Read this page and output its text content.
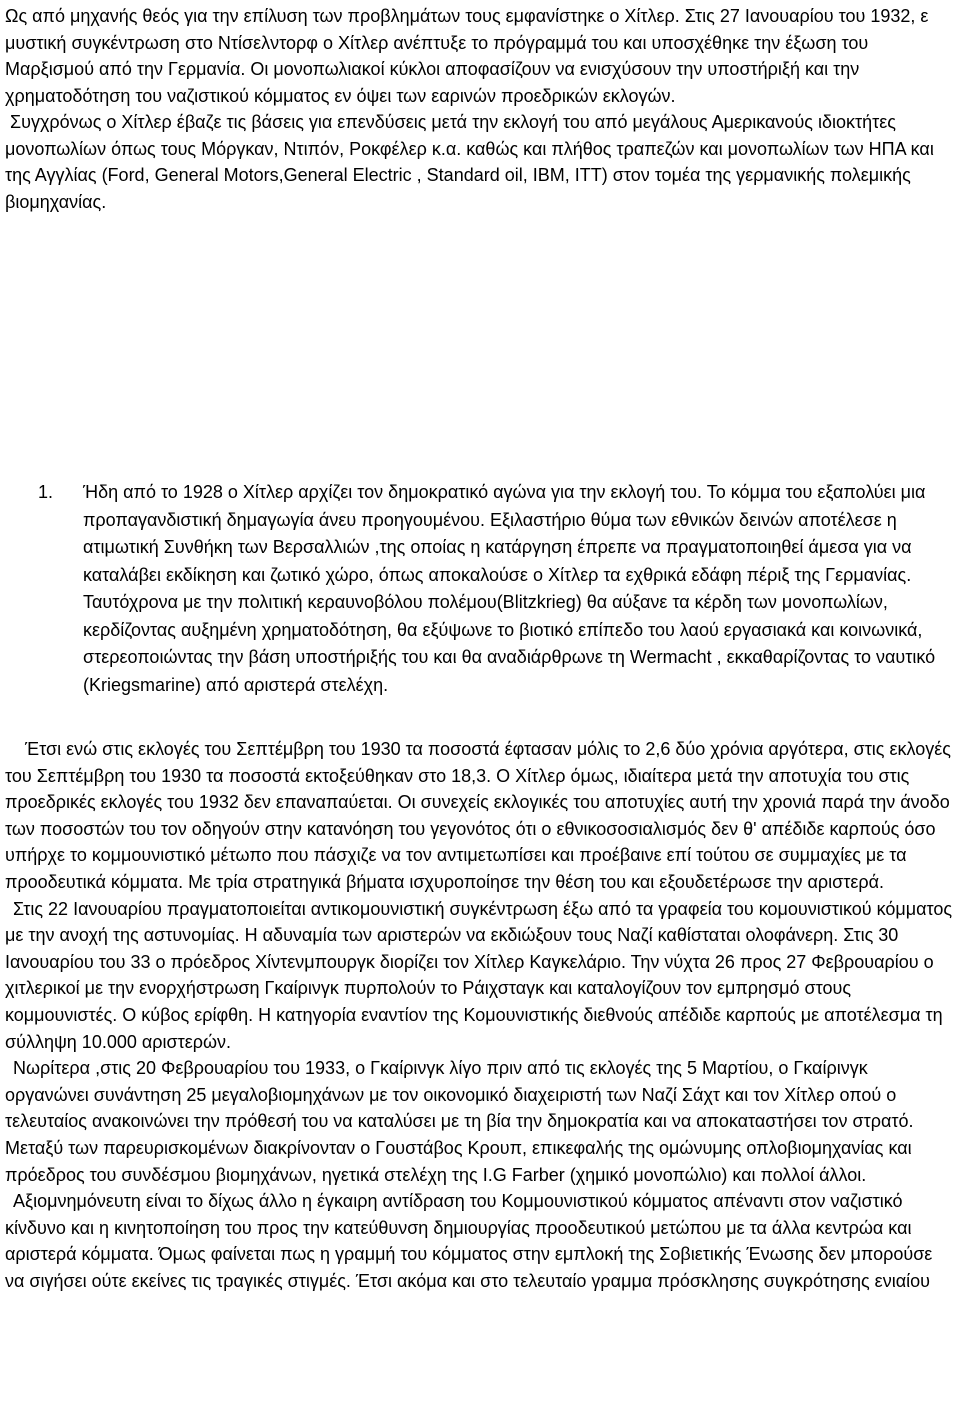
Ως από μηχανής θεός για την επίλυση των προβλημάτων τους εμφανίστηκε ο Χίτλερ. Στις 27 Ιανουαρίου του 1932, ε μυστική συγκέντρωση στο Ντίσελντορφ ο Χίτλερ ανέπτυξε το πρόγραμμά του και υποσχέθηκε την έξωση του Μαρξισμού από την Γερμανία. Οι μονοπωλιακοί κύκλοι αποφασίζουν να ενισχύσουν την υποστήριξή και την χρηματοδότηση του ναζιστικού κόμματος εν όψει των εαρινών προεδρικών εκλογών.

Συγχρόνως ο Χίτλερ έβαζε τις βάσεις για επενδύσεις μετά την εκλογή του από μεγάλους Αμερικανούς ιδιοκτήτες μονοπωλίων όπως τους Μόργκαν, Ντιπόν, Ροκφέλερ κ.α. καθώς και πλήθος τραπεζών και μονοπωλίων των ΗΠΑ και της Αγγλίας (Ford, General Motors,General Electric , Standard oil, IBM, ITT) στον τομέα της γερμανικής πολεμικής βιομηχανίας.

1. Ήδη από το 1928 ο Χίτλερ αρχίζει τον δημοκρατικό αγώνα για την εκλογή του. Το κόμμα του εξαπολύει μια προπαγανδιστική δημαγωγία άνευ προηγουμένου. Εξιλαστήριο θύμα των εθνικών δεινών αποτέλεσε η ατιμωτική Συνθήκη των Βερσαλλιών ,της οποίας η κατάργηση έπρεπε να πραγματοποιηθεί άμεσα για να καταλάβει εκδίκηση και ζωτικό χώρο, όπως αποκαλούσε ο Χίτλερ τα εχθρικά εδάφη πέριξ της Γερμανίας. Ταυτόχρονα με την πολιτική κεραυνοβόλου πολέμου(Blitzkrieg) θα αύξανε τα κέρδη των μονοπωλίων, κερδίζοντας αυξημένη χρηματοδότηση, θα εξύψωνε το βιοτικό επίπεδο του λαού εργασιακά και κοινωνικά, στερεοποιώντας την βάση υποστήριξής του και θα αναδιάρθρωνε τη Wermacht , εκκαθαρίζοντας το ναυτικό (Kriegsmarine) από αριστερά στελέχη.

Έτσι ενώ στις εκλογές του Σεπτέμβρη του 1930 τα ποσοστά έφτασαν μόλις το 2,6 δύο χρόνια αργότερα, στις εκλογές του Σεπτέμβρη του 1930 τα ποσοστά εκτοξεύθηκαν στο 18,3. Ο Χίτλερ όμως, ιδιαίτερα μετά την αποτυχία του στις προεδρικές εκλογές του 1932 δεν επαναπαύεται. Οι συνεχείς εκλογικές του αποτυχίες αυτή την χρονιά παρά την άνοδο των ποσοστών του τον οδηγούν στην κατανόηση του γεγονότος ότι ο εθνικοσοσιαλισμός δεν θ' απέδιδε καρπούς όσο υπήρχε το κομμουνιστικό μέτωπο που πάσχιζε να τον αντιμετωπίσει και προέβαινε επί τούτου σε συμμαχίες με τα προοδευτικά κόμματα. Με τρία στρατηγικά βήματα ισχυροποίησε την θέση του και εξουδετέρωσε την αριστερά.

Στις 22 Ιανουαρίου πραγματοποιείται αντικομουνιστική συγκέντρωση έξω από τα γραφεία του κομουνιστικού κόμματος με την ανοχή της αστυνομίας. Η αδυναμία των αριστερών να εκδιώξουν τους Ναζί καθίσταται ολοφάνερη. Στις 30 Ιανουαρίου του 33 ο πρόεδρος Χίντενμπουργκ διορίζει τον Χίτλερ Καγκελάριο. Την νύχτα 26 προς 27 Φεβρουαρίου ο χιτλερικοί με την ενορχήστρωση Γκαίρινγκ πυρπολούν το Ράιχσταγκ και καταλογίζουν τον εμπρησμό στους κομμουνιστές. Ο κύβος ερίφθη. Η κατηγορία εναντίον της Κομουνιστικής διεθνούς απέδιδε καρπούς με αποτέλεσμα τη σύλληψη 10.000 αριστερών.

Νωρίτερα ,στις 20 Φεβρουαρίου του 1933, ο Γκαίρινγκ λίγο πριν από τις εκλογές της 5 Μαρτίου, ο Γκαίρινγκ οργανώνει συνάντηση 25 μεγαλοβιομηχάνων με τον οικονομικό διαχειριστή των Ναζί Σάχτ και τον Χίτλερ οπού ο τελευταίος ανακοινώνει την πρόθεσή του να καταλύσει με τη βία την δημοκρατία και να αποκαταστήσει τον στρατό. Μεταξύ των παρευρισκομένων διακρίνονταν ο Γουστάβος Κρουπ, επικεφαλής της ομώνυμης οπλοβιομηχανίας και πρόεδρος του συνδέσμου βιομηχάνων, ηγετικά στελέχη της I.G Farber (χημικό μονοπώλιο) και πολλοί άλλοι.

Αξιομνημόνευτη είναι το δίχως άλλο η έγκαιρη αντίδραση του Κομμουνιστικού κόμματος απέναντι στον ναζιστικό κίνδυνο και η κινητοποίηση του προς την κατεύθυνση δημιουργίας προοδευτικού μετώπου με τα άλλα κεντρώα και αριστερά κόμματα. Όμως φαίνεται πως η γραμμή του κόμματος στην εμπλοκή της Σοβιετικής Ένωσης δεν μπορούσε να σιγήσει ούτε εκείνες τις τραγικές στιγμές. Έτσι ακόμα και στο τελευταίο γραμμα πρόσκλησης συγκρότησης ενιαίου
